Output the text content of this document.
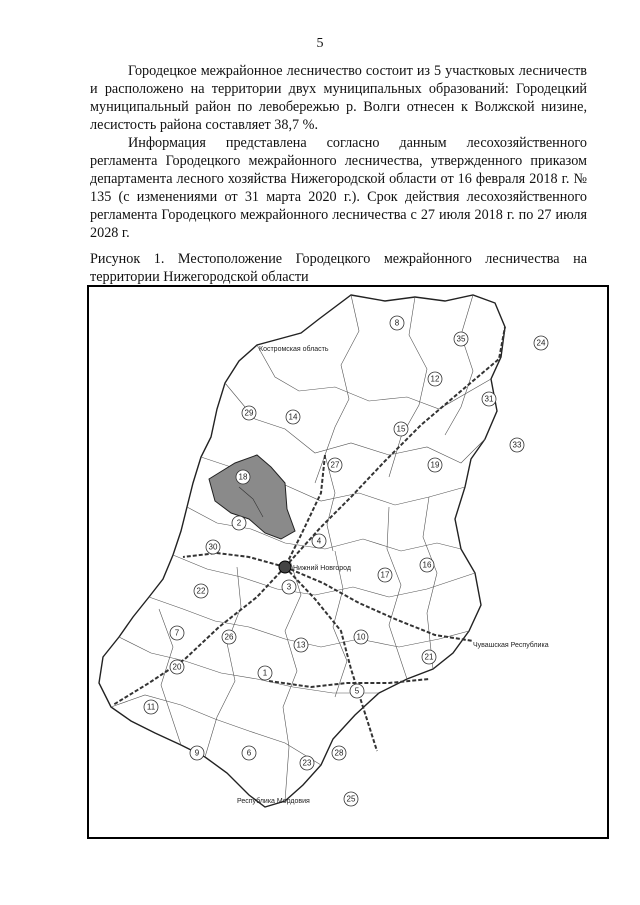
5

Городецкое межрайонное лесничество состоит из 5 участковых лесничеств и расположено на территории двух муниципальных образований: Городецкий муниципальный район по левобережью р. Волги отнесен к Волжской низине, лесистость района составляет 38,7 %.

Информация представлена согласно данным лесохозяйственного регламента Городецкого межрайонного лесничества, утвержденного приказом департамента лесного хозяйства Нижегородской области от 16 февраля 2018 г. № 135 (с изменениями от 31 марта 2020 г.). Срок действия лесохозяйственного регламента Городецкого межрайонного лесничества с 27 июля 2018 г. по 27 июля 2028 г.

Рисунок 1. Местоположение Городецкого межрайонного лесничества на территории Нижегородской области
Нижний Новгород
Костромская область
Чувашская Республика
Республика Мордовия
8
35	24
12
31
33
29	14
15
19
27
18
2
30
4
3
17
16
22
7	26
13
10
21
20
1
11
5
9	6
23
28
25
